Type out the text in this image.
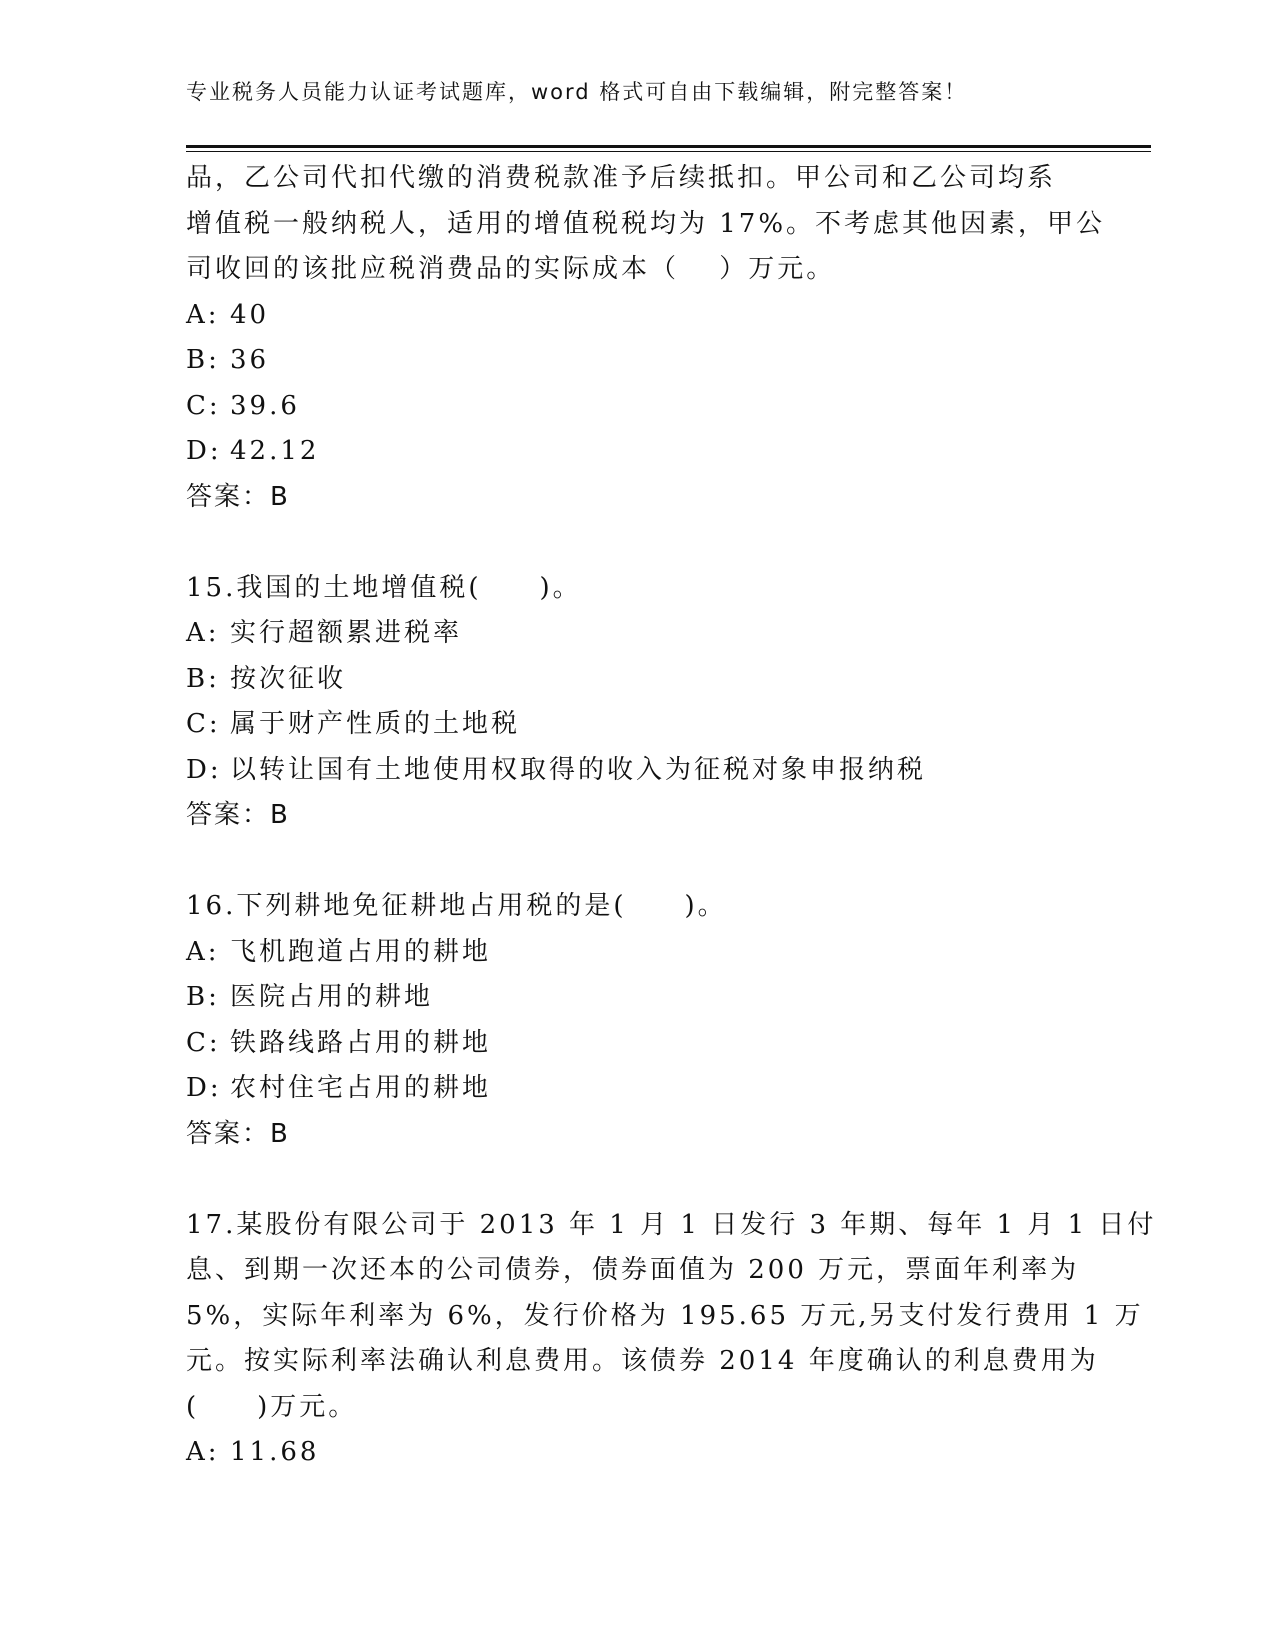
专业税务人员能力认证考试题库，word 格式可自由下载编辑，附完整答案！
品，乙公司代扣代缴的消费税款准予后续抵扣。甲公司和乙公司均系
增值税一般纳税人，适用的增值税税均为 17%。不考虑其他因素，甲公
司收回的该批应税消费品的实际成本（　 ）万元。
A: 40
B: 36
C: 39.6
D: 42.12
答案：B
15.我国的土地增值税(　　)。
A: 实行超额累进税率
B: 按次征收
C: 属于财产性质的土地税
D: 以转让国有土地使用权取得的收入为征税对象申报纳税
答案：B
16.下列耕地免征耕地占用税的是(　　)。
A: 飞机跑道占用的耕地
B: 医院占用的耕地
C: 铁路线路占用的耕地
D: 农村住宅占用的耕地
答案：B
17.某股份有限公司于 2013 年 1 月 1 日发行 3 年期、每年 1 月 1 日付
息、到期一次还本的公司债券，债券面值为 200 万元，票面年利率为
5%，实际年利率为 6%，发行价格为 195.65 万元,另支付发行费用 1 万
元。按实际利率法确认利息费用。该债券 2014 年度确认的利息费用为
(　　)万元。
A: 11.68
